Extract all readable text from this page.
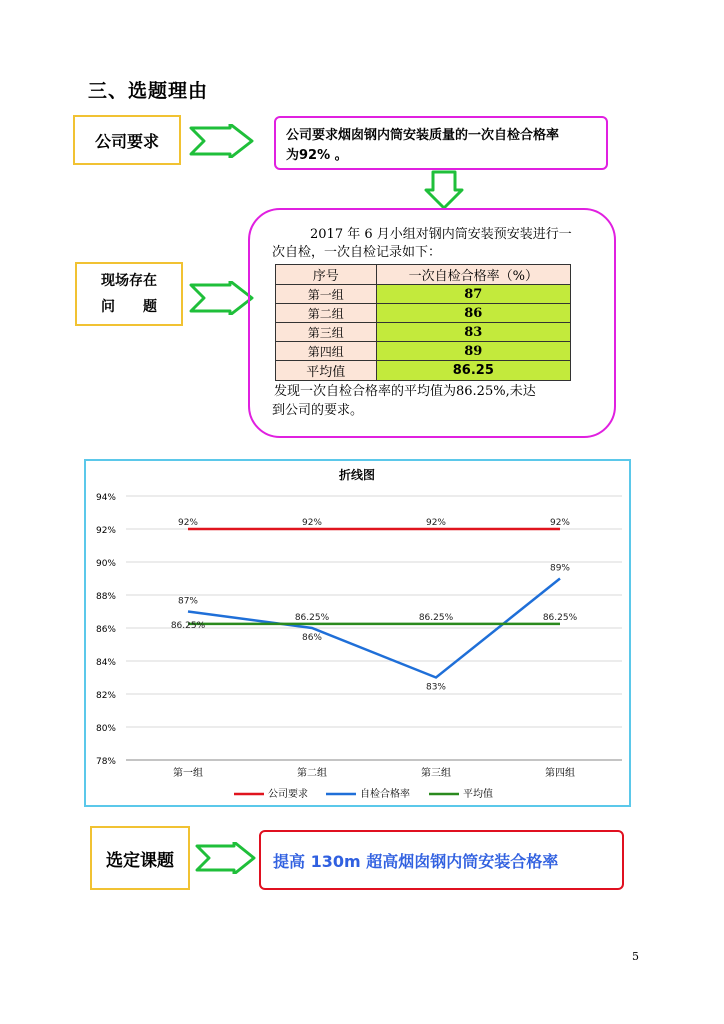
三、选题理由
公司要求	公司要求烟囱钢内筒安装质量的一次自检合格率
为92% 。
现场存在
问　　题
2017 年 6 月小组对钢内筒安装预安装进行一
次自检，一次自检记录如下：
序号	一次自检合格率（%）
第一组	87
第二组	86
第三组	83
第四组	89
平均值	86.25
发现一次自检合格率的平均值为86.25%,未达
到公司的要求。
折线图
94%
92%
90%
88%
86%
84%
82%
80%
78%
第一组	第二组	第三组	第四组
92%	92%	92%	92%
87%
86%
83%
89%
86.25%
86.25%	86.25%	86.25%
公司要求	自检合格率	平均值
选定课题	提高 130m 超高烟囱钢内筒安装合格率
5
